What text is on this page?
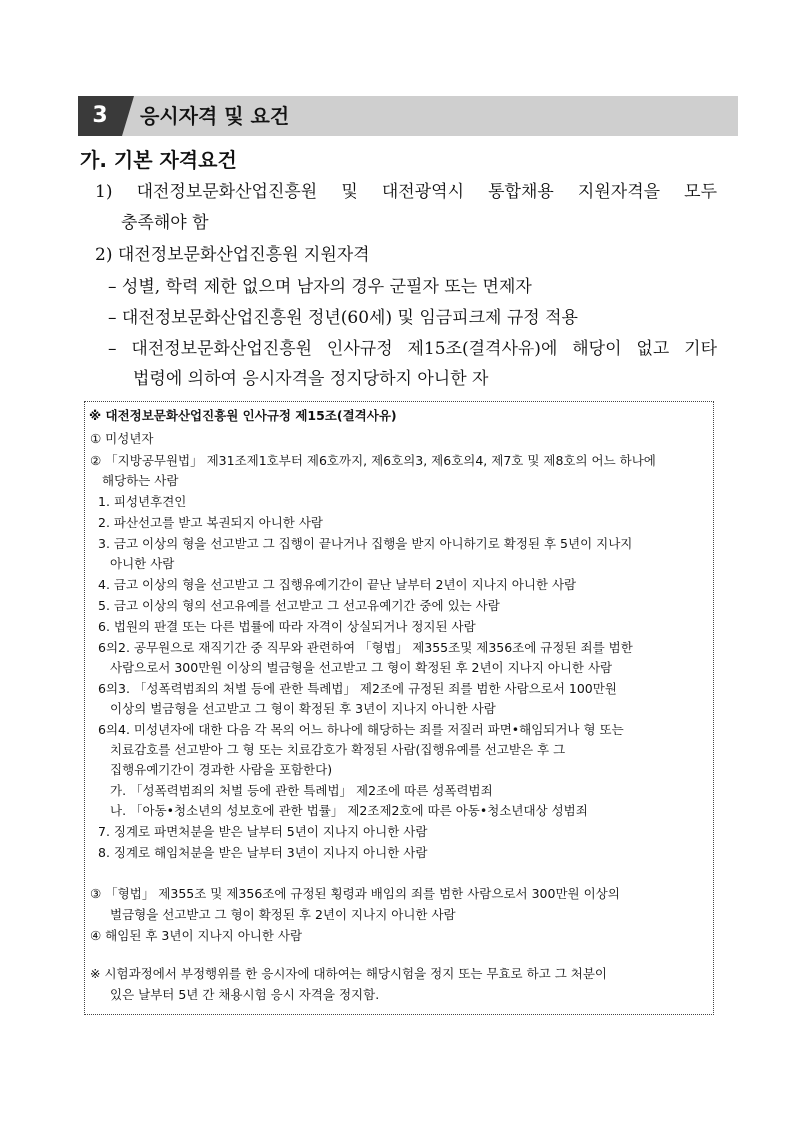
3	응시자격 및 요건
가. 기본 자격요건
1) 대전정보문화산업진흥원 및 대전광역시 통합채용 지원자격을 모두
충족해야 함
2) 대전정보문화산업진흥원 지원자격
– 성별, 학력 제한 없으며 남자의 경우 군필자 또는 면제자
– 대전정보문화산업진흥원 정년(60세) 및 임금피크제 규정 적용
– 대전정보문화산업진흥원 인사규정 제15조(결격사유)에 해당이 없고 기타
법령에 의하여 응시자격을 정지당하지 아니한 자
※ 대전정보문화산업진흥원 인사규정 제15조(결격사유)
① 미성년자
② 「지방공무원법」 제31조제1호부터 제6호까지, 제6호의3, 제6호의4, 제7호 및 제8호의 어느 하나에
해당하는 사람
1. 피성년후견인
2. 파산선고를 받고 복권되지 아니한 사람
3. 금고 이상의 형을 선고받고 그 집행이 끝나거나 집행을 받지 아니하기로 확정된 후 5년이 지나지
아니한 사람
4. 금고 이상의 형을 선고받고 그 집행유예기간이 끝난 날부터 2년이 지나지 아니한 사람
5. 금고 이상의 형의 선고유예를 선고받고 그 선고유예기간 중에 있는 사람
6. 법원의 판결 또는 다른 법률에 따라 자격이 상실되거나 정지된 사람
6의2. 공무원으로 재직기간 중 직무와 관련하여 「형법」 제355조및 제356조에 규정된 죄를 범한
사람으로서 300만원 이상의 벌금형을 선고받고 그 형이 확정된 후 2년이 지나지 아니한 사람
6의3. 「성폭력범죄의 처벌 등에 관한 특례법」 제2조에 규정된 죄를 범한 사람으로서 100만원
이상의 벌금형을 선고받고 그 형이 확정된 후 3년이 지나지 아니한 사람
6의4. 미성년자에 대한 다음 각 목의 어느 하나에 해당하는 죄를 저질러 파면•해임되거나 형 또는
치료감호를 선고받아 그 형 또는 치료감호가 확정된 사람(집행유예를 선고받은 후 그
집행유예기간이 경과한 사람을 포함한다)
가. 「성폭력범죄의 처벌 등에 관한 특례법」 제2조에 따른 성폭력범죄
나. 「아동•청소년의 성보호에 관한 법률」 제2조제2호에 따른 아동•청소년대상 성범죄
7. 징계로 파면처분을 받은 날부터 5년이 지나지 아니한 사람
8. 징계로 해임처분을 받은 날부터 3년이 지나지 아니한 사람
③ 「형법」 제355조 및 제356조에 규정된 횡령과 배임의 죄를 범한 사람으로서 300만원 이상의
벌금형을 선고받고 그 형이 확정된 후 2년이 지나지 아니한 사람
④ 해임된 후 3년이 지나지 아니한 사람
※ 시험과정에서 부정행위를 한 응시자에 대하여는 해당시험을 정지 또는 무효로 하고 그 처분이
있은 날부터 5년 간 채용시험 응시 자격을 정지함.
